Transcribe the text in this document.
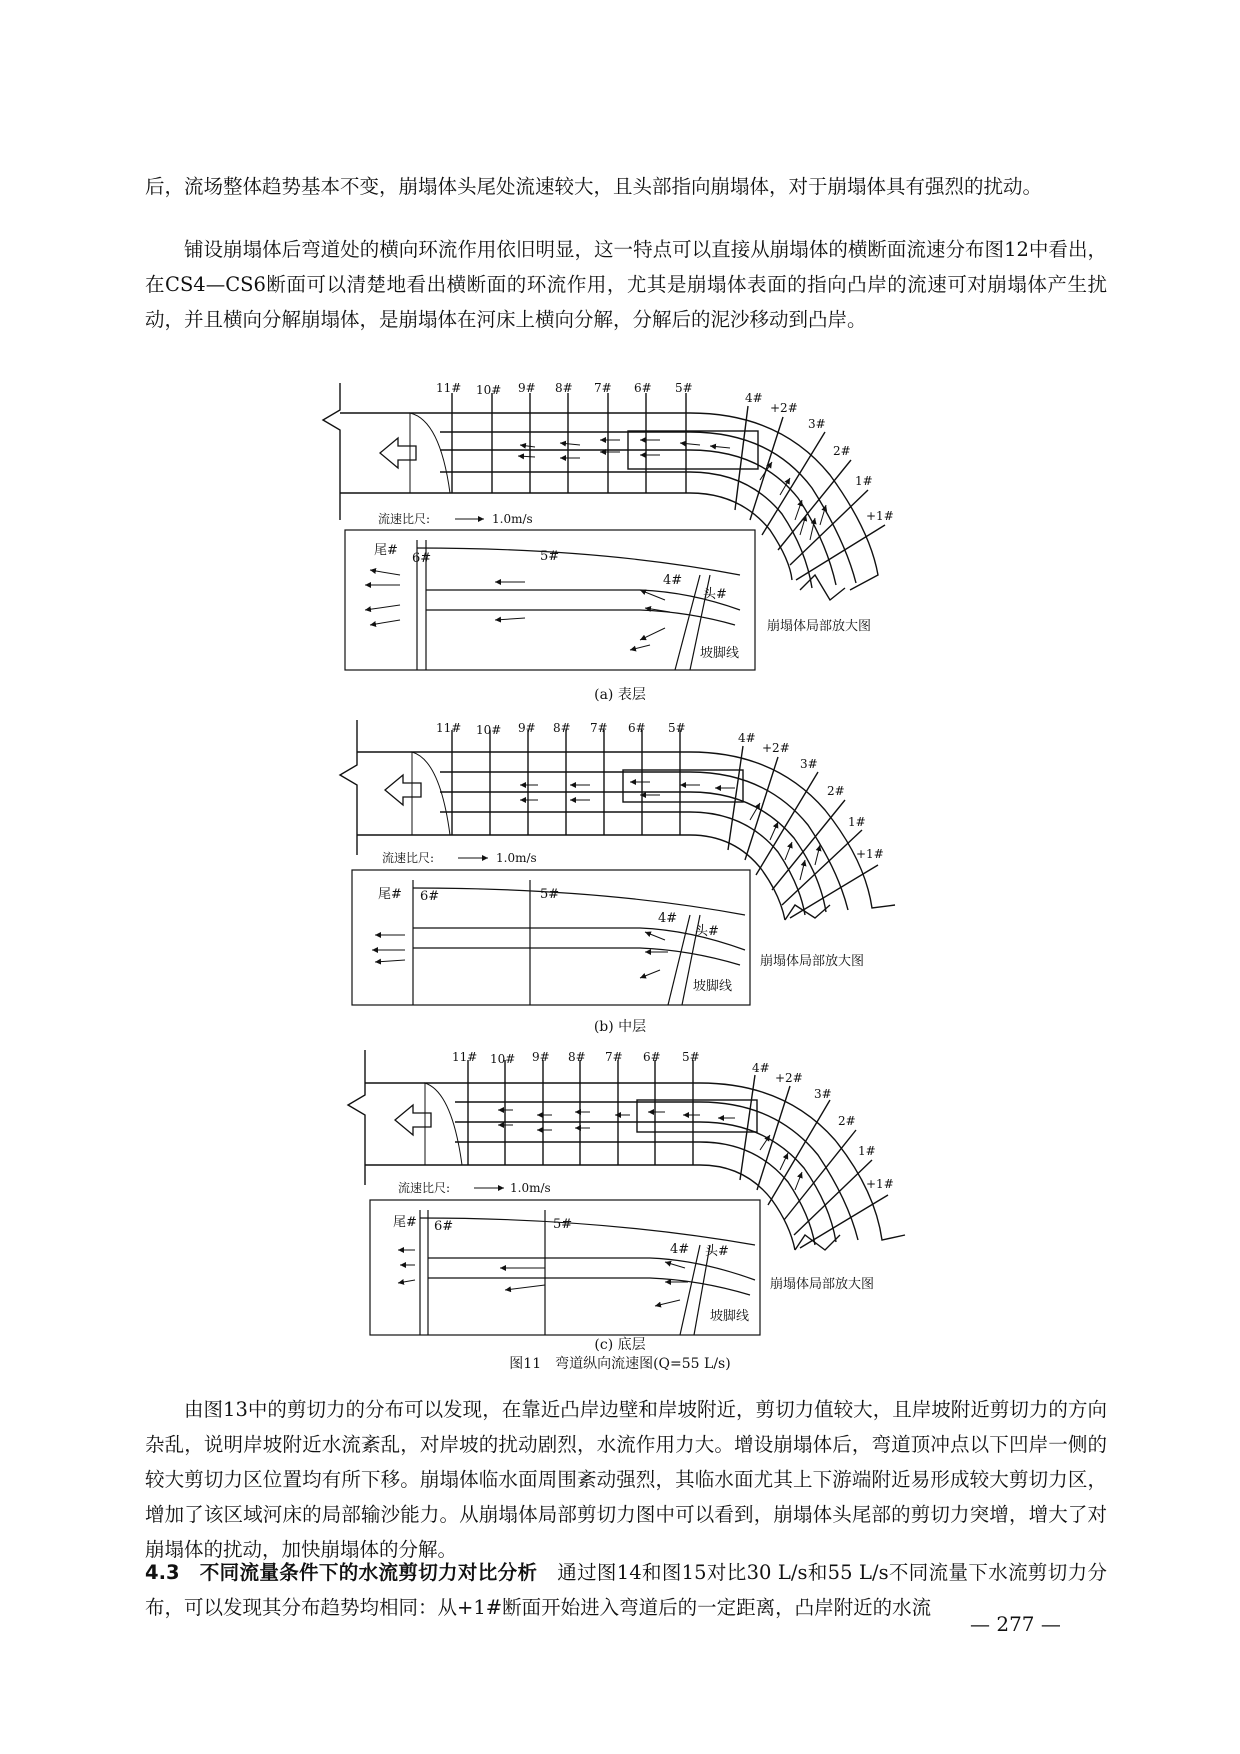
后，流场整体趋势基本不变，崩塌体头尾处流速较大，且头部指向崩塌体，对于崩塌体具有强烈的扰动。

铺设崩塌体后弯道处的横向环流作用依旧明显，这一特点可以直接从崩塌体的横断面流速分布图12中看出，在CS4—CS6断面可以清楚地看出横断面的环流作用，尤其是崩塌体表面的指向凸岸的流速可对崩塌体产生扰动，并且横向分解崩塌体，是崩塌体在河床上横向分解，分解后的泥沙移动到凸岸。

11# 10# 9# 8# 7# 6# 5#
4#
+2#
3#
2#
1#
+1#
流速比尺:	1.0m/s
尾#
6#	5#
4#
头#
坡脚线
崩塌体局部放大图
11# 10# 9# 8# 7# 6# 5#
4#
+2#
3#
2#
1#
+1#
流速比尺:	1.0m/s
尾# 6#	5#
4#
头#
坡脚线
崩塌体局部放大图
11# 10# 9# 8# 7# 6# 5#
4#
+2#
3#
2#
1#
+1#
流速比尺:	1.0m/s
尾# 6#	5#
4# 头#
坡脚线
崩塌体局部放大图
(a) 表层
(b) 中层
(c) 底层
图11　弯道纵向流速图(Q=55 L/s)

由图13中的剪切力的分布可以发现，在靠近凸岸边壁和岸坡附近，剪切力值较大，且岸坡附近剪切力的方向杂乱，说明岸坡附近水流紊乱，对岸坡的扰动剧烈，水流作用力大。增设崩塌体后，弯道顶冲点以下凹岸一侧的较大剪切力区位置均有所下移。崩塌体临水面周围紊动强烈，其临水面尤其上下游端附近易形成较大剪切力区，增加了该区域河床的局部输沙能力。从崩塌体局部剪切力图中可以看到，崩塌体头尾部的剪切力突增，增大了对崩塌体的扰动，加快崩塌体的分解。

4.3　不同流量条件下的水流剪切力对比分析　通过图14和图15对比30 L/s和55 L/s不同流量下水流剪切力分布，可以发现其分布趋势均相同：从+1#断面开始进入弯道后的一定距离，凸岸附近的水流

— 277 —
